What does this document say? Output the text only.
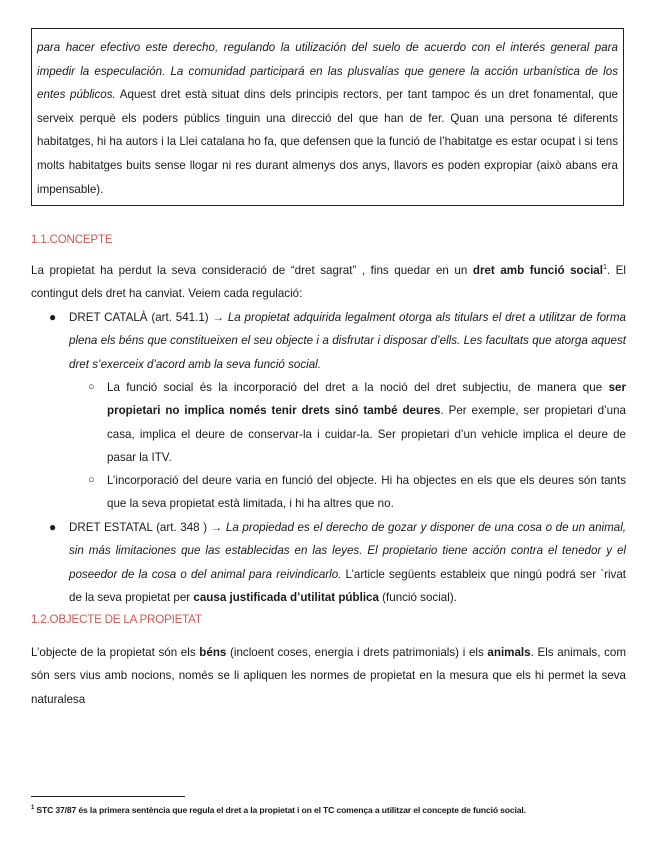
para hacer efectivo este derecho, regulando la utilización del suelo de acuerdo con el interés general para impedir la especulación. La comunidad participará en las plusvalías que genere la acción urbanística de los entes públicos. Aquest dret està situat dins dels principis rectors, per tant tampoc és un dret fonamental, que serveix perquè els poders públics tinguin una direcció del que han de fer. Quan una persona té diferents habitatges, hi ha autors i la Llei catalana ho fa, que defensen que la funció de l’habitatge es estar ocupat i si tens molts habitatges buits sense llogar ni res durant almenys dos anys, llavors es poden expropiar (això abans era impensable).

1.1.CONCEPTE

La propietat ha perdut la seva consideració de “dret sagrat” , fins quedar en un dret amb funció social$^1$. El contingut dels dret ha canviat. Veiem cada regulació:

● DRET CATALÀ (art. 541.1) → La propietat adquirida legalment otorga als titulars el dret a utilitzar de forma plena els béns que constitueixen el seu objecte i a disfrutar i disposar d’ells. Les facultats que atorga aquest dret s’exerceix d’acord amb la seva funció social.
○ La funció social és la incorporació del dret a la noció del dret subjectiu, de manera que ser propietari no implica només tenir drets sinó també deures. Per exemple, ser propietari d’una casa, implica el deure de conservar-la i cuidar-la. Ser propietari d’un vehicle implica el deure de pasar la ITV.
○ L’incorporació del deure varia en funció del objecte. Hi ha objectes en els que els deures són tants que la seva propietat està limitada, i hi ha altres que no.
● DRET ESTATAL (art. 348 ) → La propiedad es el derecho de gozar y disponer de una cosa o de un animal, sin más limitaciones que las establecidas en las leyes. El propietario tiene acción contra el tenedor y el poseedor de la cosa o del animal para reivindicarlo. L’article següents estableix que ningú podrá ser `rivat de la seva propietat per causa justificada d’utilitat pública (funció social).
1.2.OBJECTE DE LA PROPIETAT

L’objecte de la propietat són els béns (incloent coses, energia i drets patrimonials) i els animals. Els animals, com són sers vius amb nocions, només se li apliquen les normes de propietat en la mesura que els hi permet la seva naturalesa

$^1$ STC 37/87 és la primera sentència que regula el dret a la propietat i on el TC comença a utilitzar el concepte de funció social.
